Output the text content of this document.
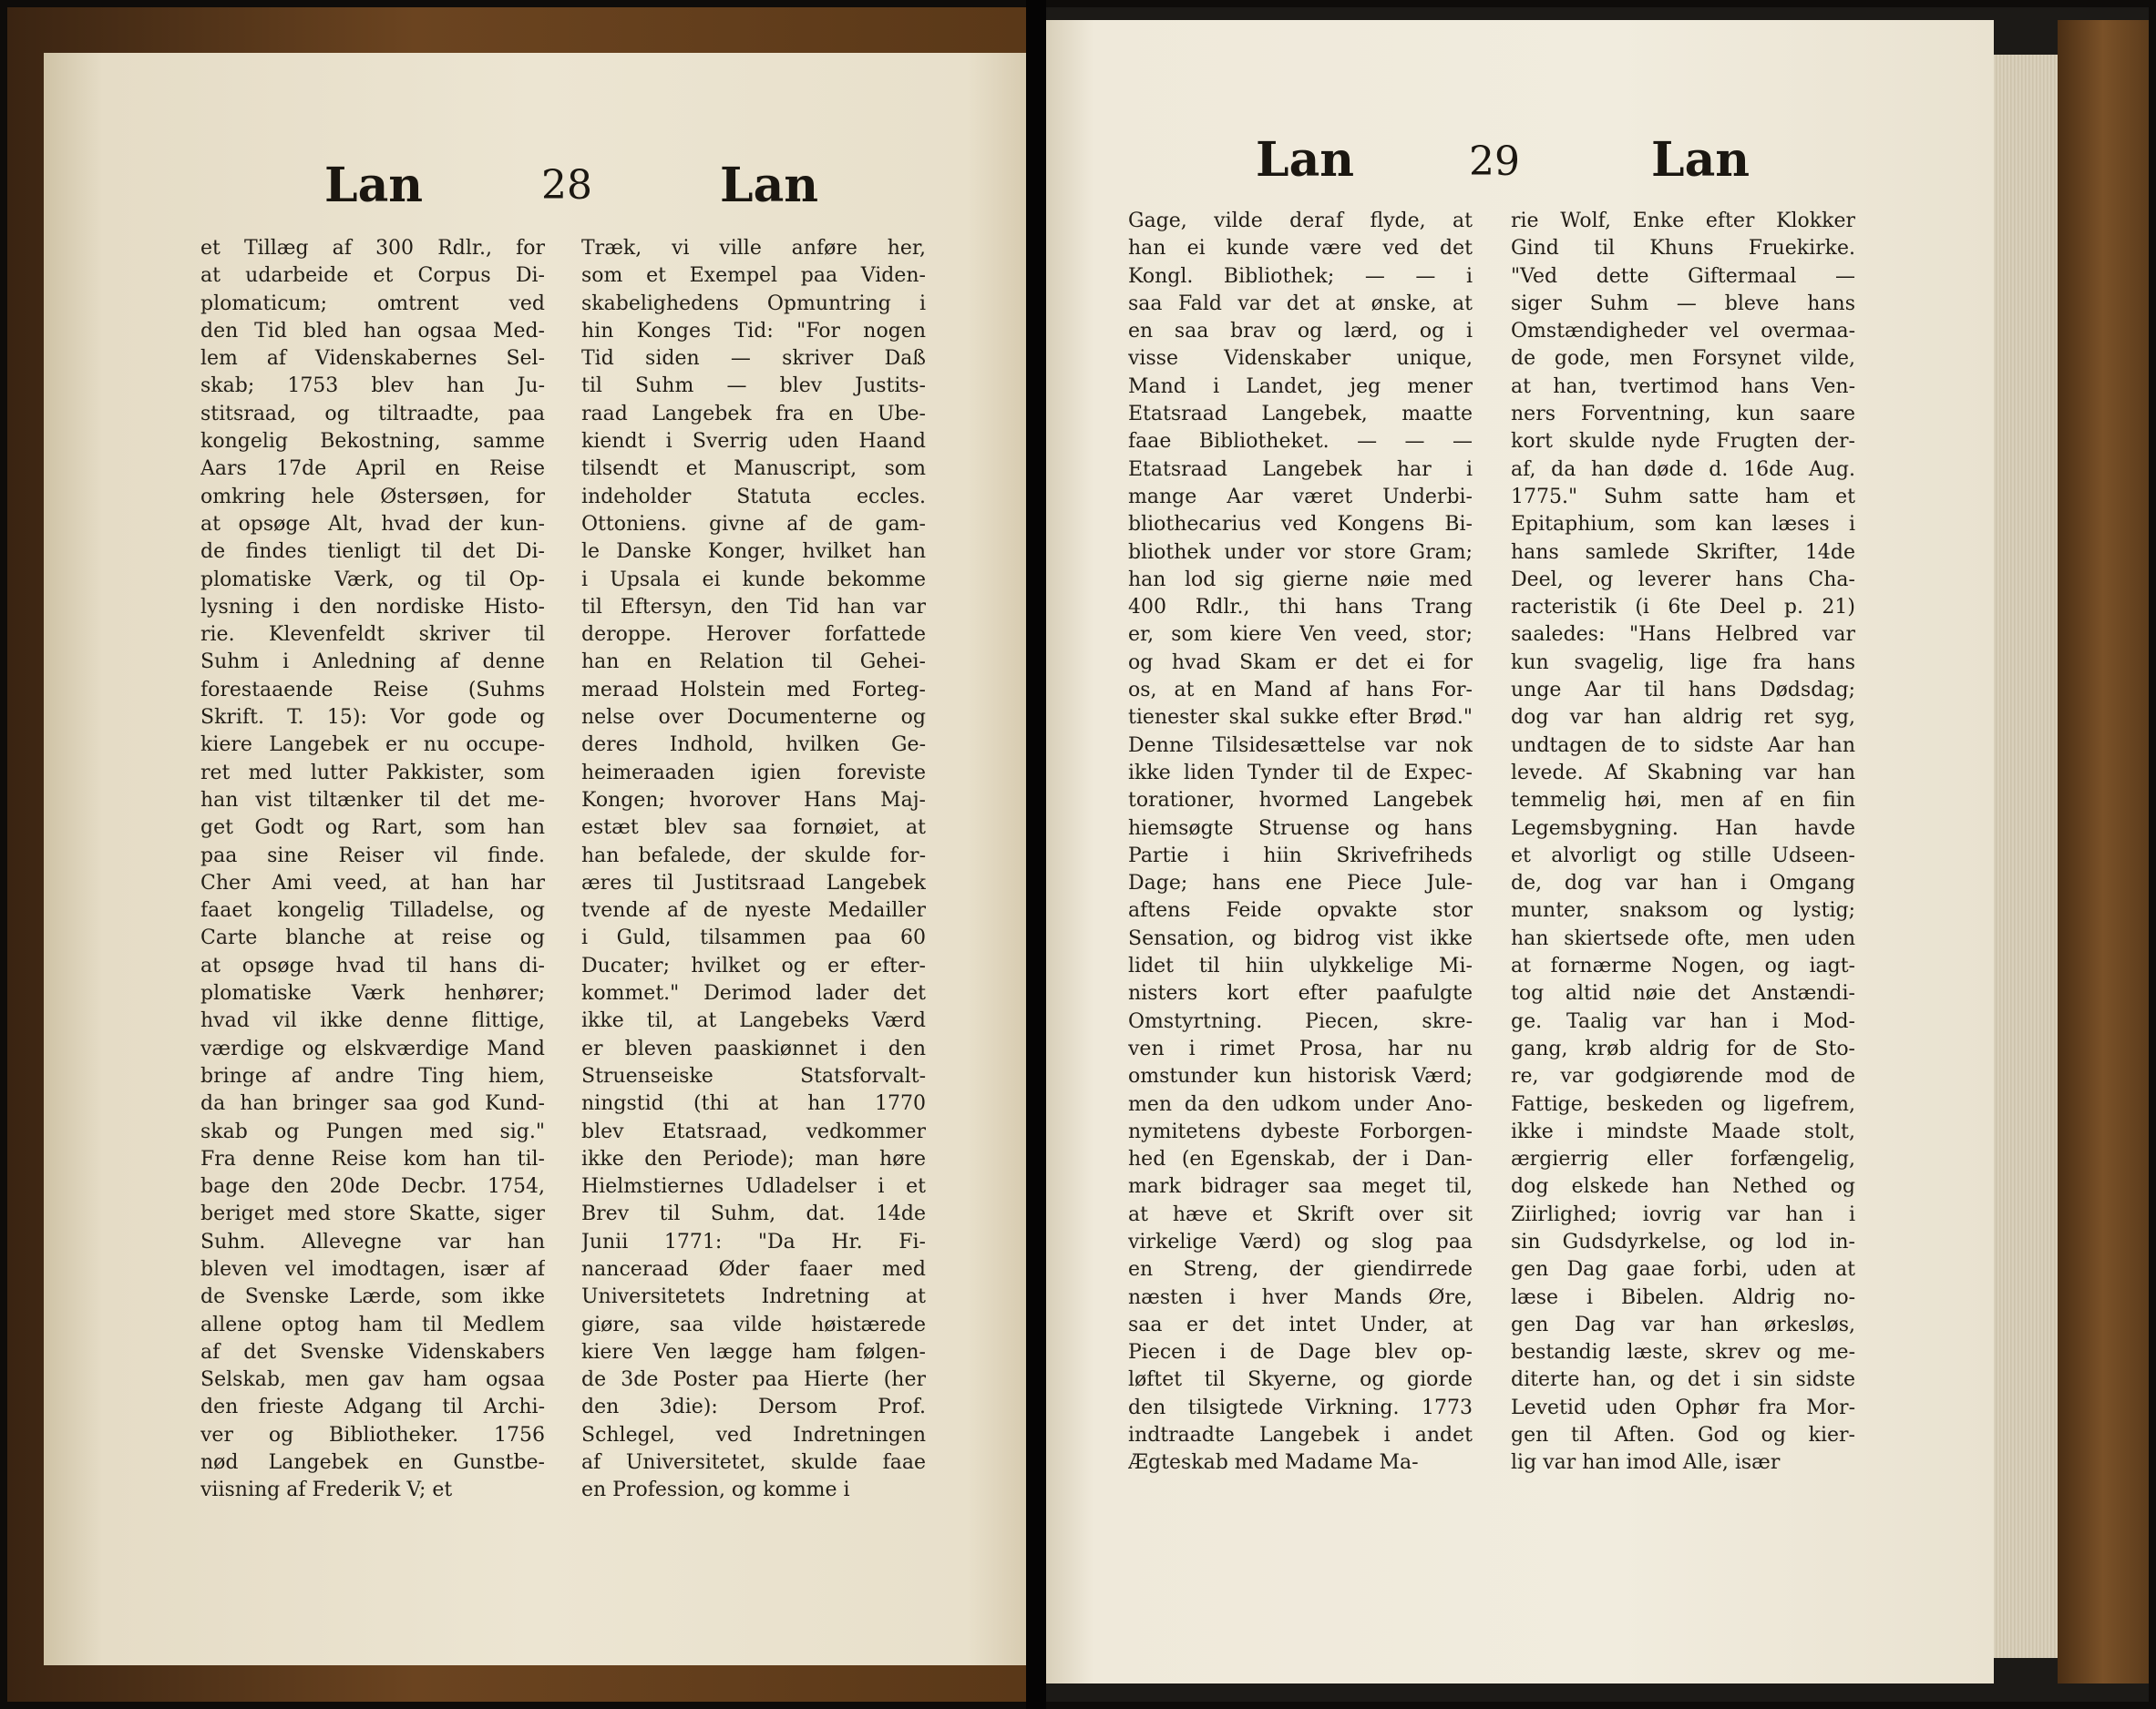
Lan	28	Lan
et Tillæg af 300 Rdlr., for
at udarbeide et Corpus Di-
plomaticum; omtrent ved
den Tid bled han ogsaa Med-
lem af Videnskabernes Sel-
skab; 1753 blev han Ju-
stitsraad, og tiltraadte, paa
kongelig Bekostning, samme
Aars 17de April en Reise
omkring hele Østersøen, for
at opsøge Alt, hvad der kun-
de findes tienligt til det Di-
plomatiske Værk, og til Op-
lysning i den nordiske Histo-
rie. Klevenfeldt skriver til
Suhm i Anledning af denne
forestaaende Reise (Suhms
Skrift. T. 15): Vor gode og
kiere Langebek er nu occupe-
ret med lutter Pakkister, som
han vist tiltænker til det me-
get Godt og Rart, som han
paa sine Reiser vil finde.
Cher Ami veed, at han har
faaet kongelig Tilladelse, og
Carte blanche at reise og
at opsøge hvad til hans di-
plomatiske Værk henhører;
hvad vil ikke denne flittige,
værdige og elskværdige Mand
bringe af andre Ting hiem,
da han bringer saa god Kund-
skab og Pungen med sig."
Fra denne Reise kom han til-
bage den 20de Decbr. 1754,
beriget med store Skatte, siger
Suhm. Allevegne var han
bleven vel imodtagen, især af
de Svenske Lærde, som ikke
allene optog ham til Medlem
af det Svenske Videnskabers
Selskab, men gav ham ogsaa
den frieste Adgang til Archi-
ver og Bibliotheker. 1756
nød Langebek en Gunstbe-
viisning af Frederik V; et
Træk, vi ville anføre her,
som et Exempel paa Viden-
skabelighedens Opmuntring i
hin Konges Tid: "For nogen
Tid siden — skriver Daß
til Suhm — blev Justits-
raad Langebek fra en Ube-
kiendt i Sverrig uden Haand
tilsendt et Manuscript, som
indeholder Statuta eccles.
Ottoniens. givne af de gam-
le Danske Konger, hvilket han
i Upsala ei kunde bekomme
til Eftersyn, den Tid han var
deroppe. Herover forfattede
han en Relation til Gehei-
meraad Holstein med Forteg-
nelse over Documenterne og
deres Indhold, hvilken Ge-
heimeraaden igien foreviste
Kongen; hvorover Hans Maj-
estæt blev saa fornøiet, at
han befalede, der skulde for-
æres til Justitsraad Langebek
tvende af de nyeste Medailler
i Guld, tilsammen paa 60
Ducater; hvilket og er efter-
kommet." Derimod lader det
ikke til, at Langebeks Værd
er bleven paaskiønnet i den
Struenseiske Statsforvalt-
ningstid (thi at han 1770
blev Etatsraad, vedkommer
ikke den Periode); man høre
Hielmstiernes Udladelser i et
Brev til Suhm, dat. 14de
Junii 1771: "Da Hr. Fi-
nanceraad Øder faaer med
Universitetets Indretning at
giøre, saa vilde høistærede
kiere Ven lægge ham følgen-
de 3de Poster paa Hierte (her
den 3die): Dersom Prof.
Schlegel, ved Indretningen
af Universitetet, skulde faae
en Profession, og komme i
Lan	29	Lan
Gage, vilde deraf flyde, at
han ei kunde være ved det
Kongl. Bibliothek; — — i
saa Fald var det at ønske, at
en saa brav og lærd, og i
visse Videnskaber unique,
Mand i Landet, jeg mener
Etatsraad Langebek, maatte
faae Bibliotheket. — — —
Etatsraad Langebek har i
mange Aar været Underbi-
bliothecarius ved Kongens Bi-
bliothek under vor store Gram;
han lod sig gierne nøie med
400 Rdlr., thi hans Trang
er, som kiere Ven veed, stor;
og hvad Skam er det ei for
os, at en Mand af hans For-
tienester skal sukke efter Brød."
Denne Tilsidesættelse var nok
ikke liden Tynder til de Expec-
torationer, hvormed Langebek
hiemsøgte Struense og hans
Partie i hiin Skrivefriheds
Dage; hans ene Piece Jule-
aftens Feide opvakte stor
Sensation, og bidrog vist ikke
lidet til hiin ulykkelige Mi-
nisters kort efter paafulgte
Omstyrtning. Piecen, skre-
ven i rimet Prosa, har nu
omstunder kun historisk Værd;
men da den udkom under Ano-
nymitetens dybeste Forborgen-
hed (en Egenskab, der i Dan-
mark bidrager saa meget til,
at hæve et Skrift over sit
virkelige Værd) og slog paa
en Streng, der giendirrede
næsten i hver Mands Øre,
saa er det intet Under, at
Piecen i de Dage blev op-
løftet til Skyerne, og giorde
den tilsigtede Virkning. 1773
indtraadte Langebek i andet
Ægteskab med Madame Ma-
rie Wolf, Enke efter Klokker
Gind til Khuns Fruekirke.
"Ved dette Giftermaal —
siger Suhm — bleve hans
Omstændigheder vel overmaa-
de gode, men Forsynet vilde,
at han, tvertimod hans Ven-
ners Forventning, kun saare
kort skulde nyde Frugten der-
af, da han døde d. 16de Aug.
1775." Suhm satte ham et
Epitaphium, som kan læses i
hans samlede Skrifter, 14de
Deel, og leverer hans Cha-
racteristik (i 6te Deel p. 21)
saaledes: "Hans Helbred var
kun svagelig, lige fra hans
unge Aar til hans Dødsdag;
dog var han aldrig ret syg,
undtagen de to sidste Aar han
levede. Af Skabning var han
temmelig høi, men af en fiin
Legemsbygning. Han havde
et alvorligt og stille Udseen-
de, dog var han i Omgang
munter, snaksom og lystig;
han skiertsede ofte, men uden
at fornærme Nogen, og iagt-
tog altid nøie det Anstændi-
ge. Taalig var han i Mod-
gang, krøb aldrig for de Sto-
re, var godgiørende mod de
Fattige, beskeden og ligefrem,
ikke i mindste Maade stolt,
ærgierrig eller forfængelig,
dog elskede han Nethed og
Ziirlighed; iovrig var han i
sin Gudsdyrkelse, og lod in-
gen Dag gaae forbi, uden at
læse i Bibelen. Aldrig no-
gen Dag var han ørkesløs,
bestandig læste, skrev og me-
diterte han, og det i sin sidste
Levetid uden Ophør fra Mor-
gen til Aften. God og kier-
lig var han imod Alle, især
